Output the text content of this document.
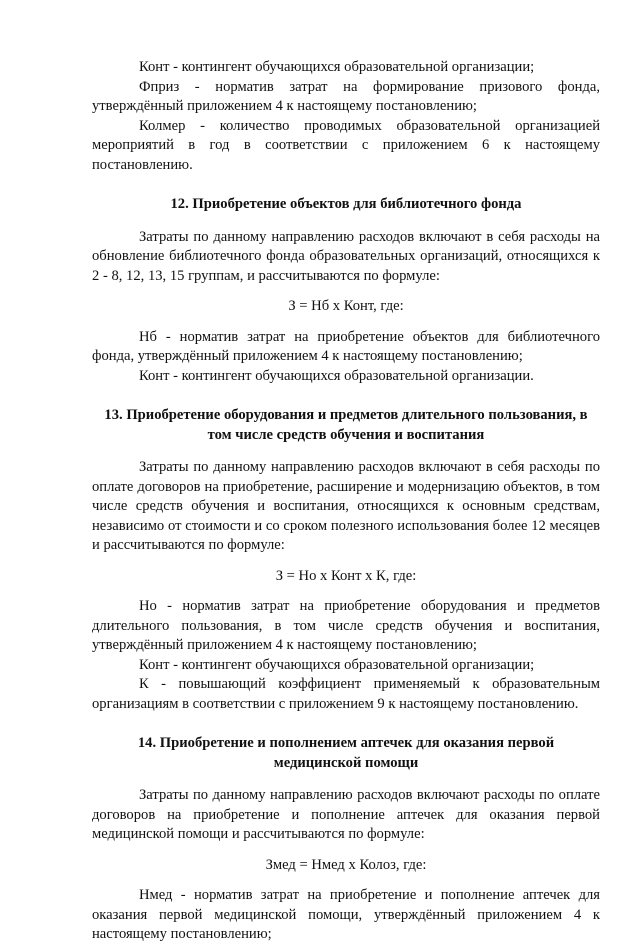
Конт - контингент обучающихся образовательной организации;

Фприз - норматив затрат на формирование призового фонда, утверждённый приложением 4 к настоящему постановлению;

Колмер - количество проводимых образовательной организацией мероприятий в год в соответствии с приложением 6 к настоящему постановлению.

12. Приобретение объектов для библиотечного фонда

Затраты по данному направлению расходов включают в себя расходы на обновление библиотечного фонда образовательных организаций, относящихся к 2 - 8, 12, 13, 15 группам, и рассчитываются по формуле:

З = Нб х Конт, где:

Нб - норматив затрат на приобретение объектов для библиотечного фонда, утверждённый приложением 4 к настоящему постановлению;

Конт - контингент обучающихся образовательной организации.

13. Приобретение оборудования и предметов длительного пользования, в
том числе средств обучения и воспитания

Затраты по данному направлению расходов включают в себя расходы по оплате договоров на приобретение, расширение и модернизацию объектов, в том числе средств обучения и воспитания, относящихся к основным средствам, независимо от стоимости и со сроком полезного использования более 12 месяцев и рассчитываются по формуле:

З = Но х Конт х К, где:

Но - норматив затрат на приобретение оборудования и предметов длительного пользования, в том числе средств обучения и воспитания, утверждённый приложением 4 к настоящему постановлению;

Конт - контингент обучающихся образовательной организации;

К - повышающий коэффициент применяемый к образовательным организациям в соответствии с приложением 9 к настоящему постановлению.

14. Приобретение и пополнением аптечек для оказания первой
медицинской помощи

Затраты по данному направлению расходов включают расходы по оплате договоров на приобретение и пополнение аптечек для оказания первой медицинской помощи и рассчитываются по формуле:

Змед = Нмед х Колоз, где:

Нмед - норматив затрат на приобретение и пополнение аптечек для оказания первой медицинской помощи, утверждённый приложением 4 к настоящему постановлению;
